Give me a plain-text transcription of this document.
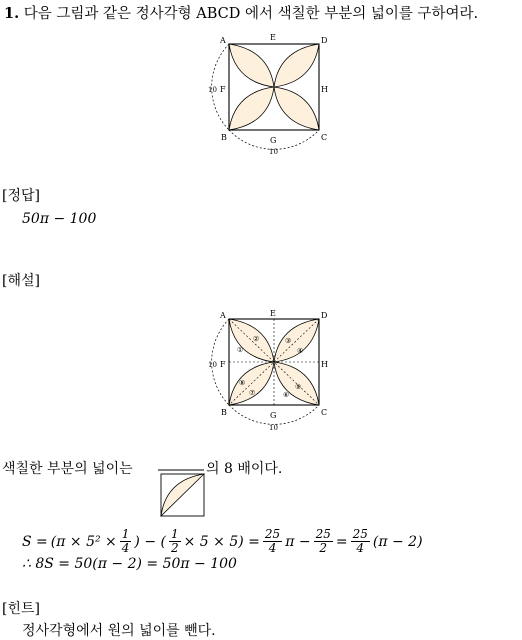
1. 다음 그림과 같은 정사각형 ABCD 에서 색칠한 부분의 넓이를 구하여라.
A	D
E
F	H
10
B	C
G
10
[정답]
50π − 100
[해설]
①
②	③
④
⑤
⑥
⑦
⑧
A	D
E
F	H
10
B	C
G
10
색칠한 부분의 넓이는	의 8 배이다.
$S = (\pi \times 5^2 \times \frac{1}{4}$ ) − ( $\frac{1}{2} \times 5 \times 5) = \frac{25}{4}$ $\pi - \frac{25}{2} = \frac{25}{4} (\pi - 2)$
∴ 8S = 50(π − 2) = 50π − 100
[힌트]
정사각형에서 원의 넓이를 뺀다.
